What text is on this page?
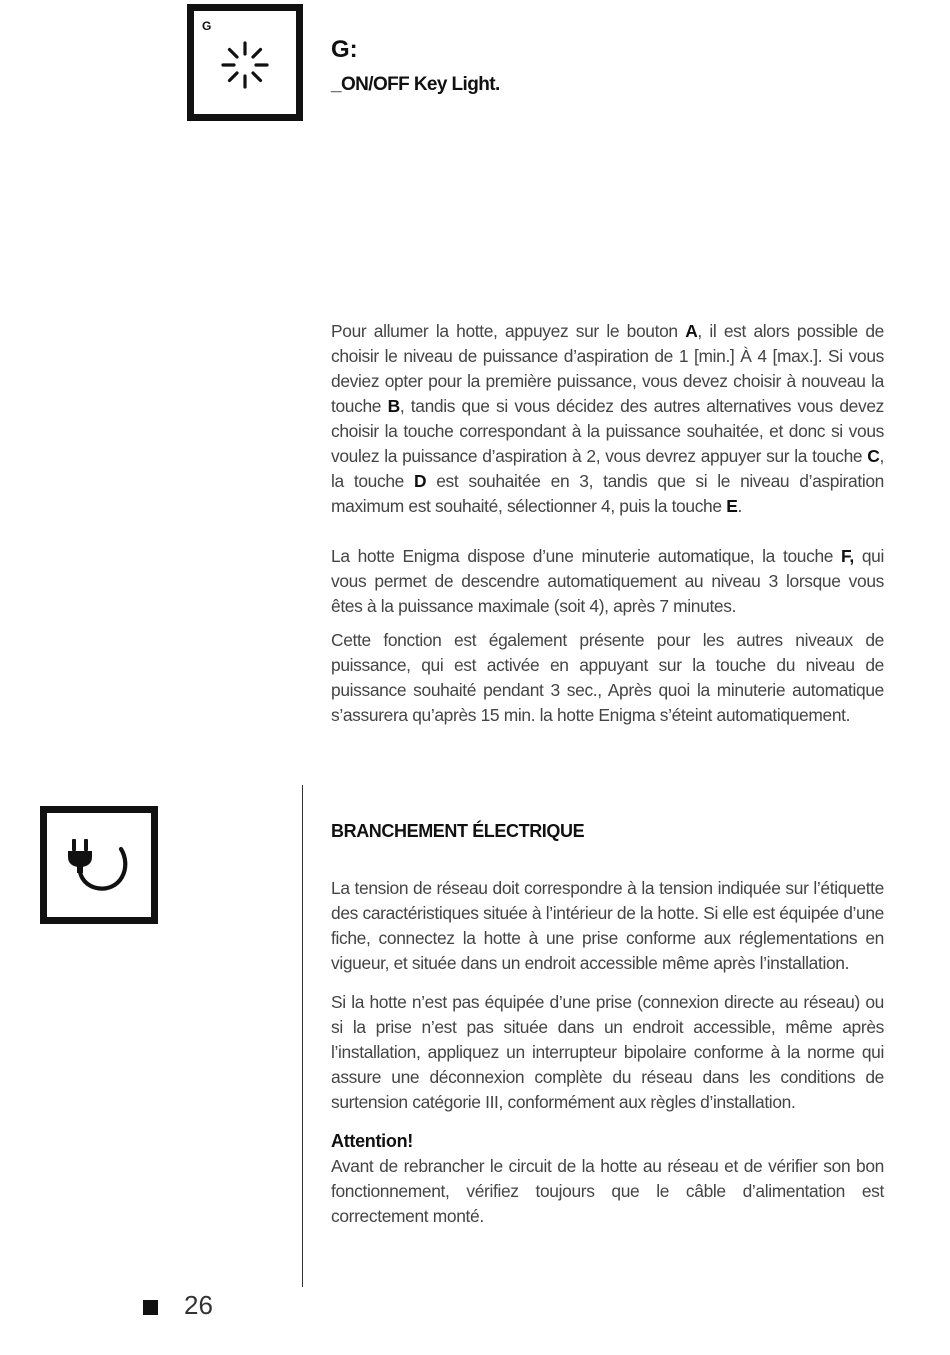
G
G:

_ON/OFF Key Light.

Pour allumer la hotte, appuyez sur le bouton A, il est alors possible de choisir le niveau de puissance d’aspiration de 1 [min.] À 4 [max.]. Si vous deviez opter pour la première puissance, vous devez choisir à nouveau la touche B, tandis que si vous décidez des autres alternatives vous devez choisir la touche correspondant à la puissance souhaitée, et donc si vous voulez la puissance d’aspiration à 2, vous devrez appuyer sur la touche C, la touche D est souhaitée en 3, tandis que si le niveau d’aspiration maximum est souhaité, sélectionner 4, puis la touche E.

La hotte Enigma dispose d’une minuterie automatique, la touche F, qui vous permet de descendre automatiquement au niveau 3 lorsque vous êtes à la puissance maximale (soit 4), après 7 minutes.

Cette fonction est également présente pour les autres niveaux de puissance, qui est activée en appuyant sur la touche du niveau de puissance souhaité pendant 3 sec., Après quoi la minuterie automatique s’assurera qu’après 15 min. la hotte Enigma s’éteint automatiquement.

BRANCHEMENT ÉLECTRIQUE

La tension de réseau doit correspondre à la tension indiquée sur l’étiquette des caractéristiques située à l’intérieur de la hotte. Si elle est équipée d’une fiche, connectez la hotte à une prise conforme aux réglementations en vigueur, et située dans un endroit accessible même après l’installation.

Si la hotte n’est pas équipée d’une prise (connexion directe au réseau) ou si la prise n’est pas située dans un endroit accessible, même après l’installation, appliquez un interrupteur bipolaire conforme à la norme qui assure une déconnexion complète du réseau dans les conditions de surtension catégorie III, conformément aux règles d’installation.

Attention!

Avant de rebrancher le circuit de la hotte au réseau et de vérifier son bon fonctionnement, vérifiez toujours que le câble d’alimentation est correctement monté.

26
